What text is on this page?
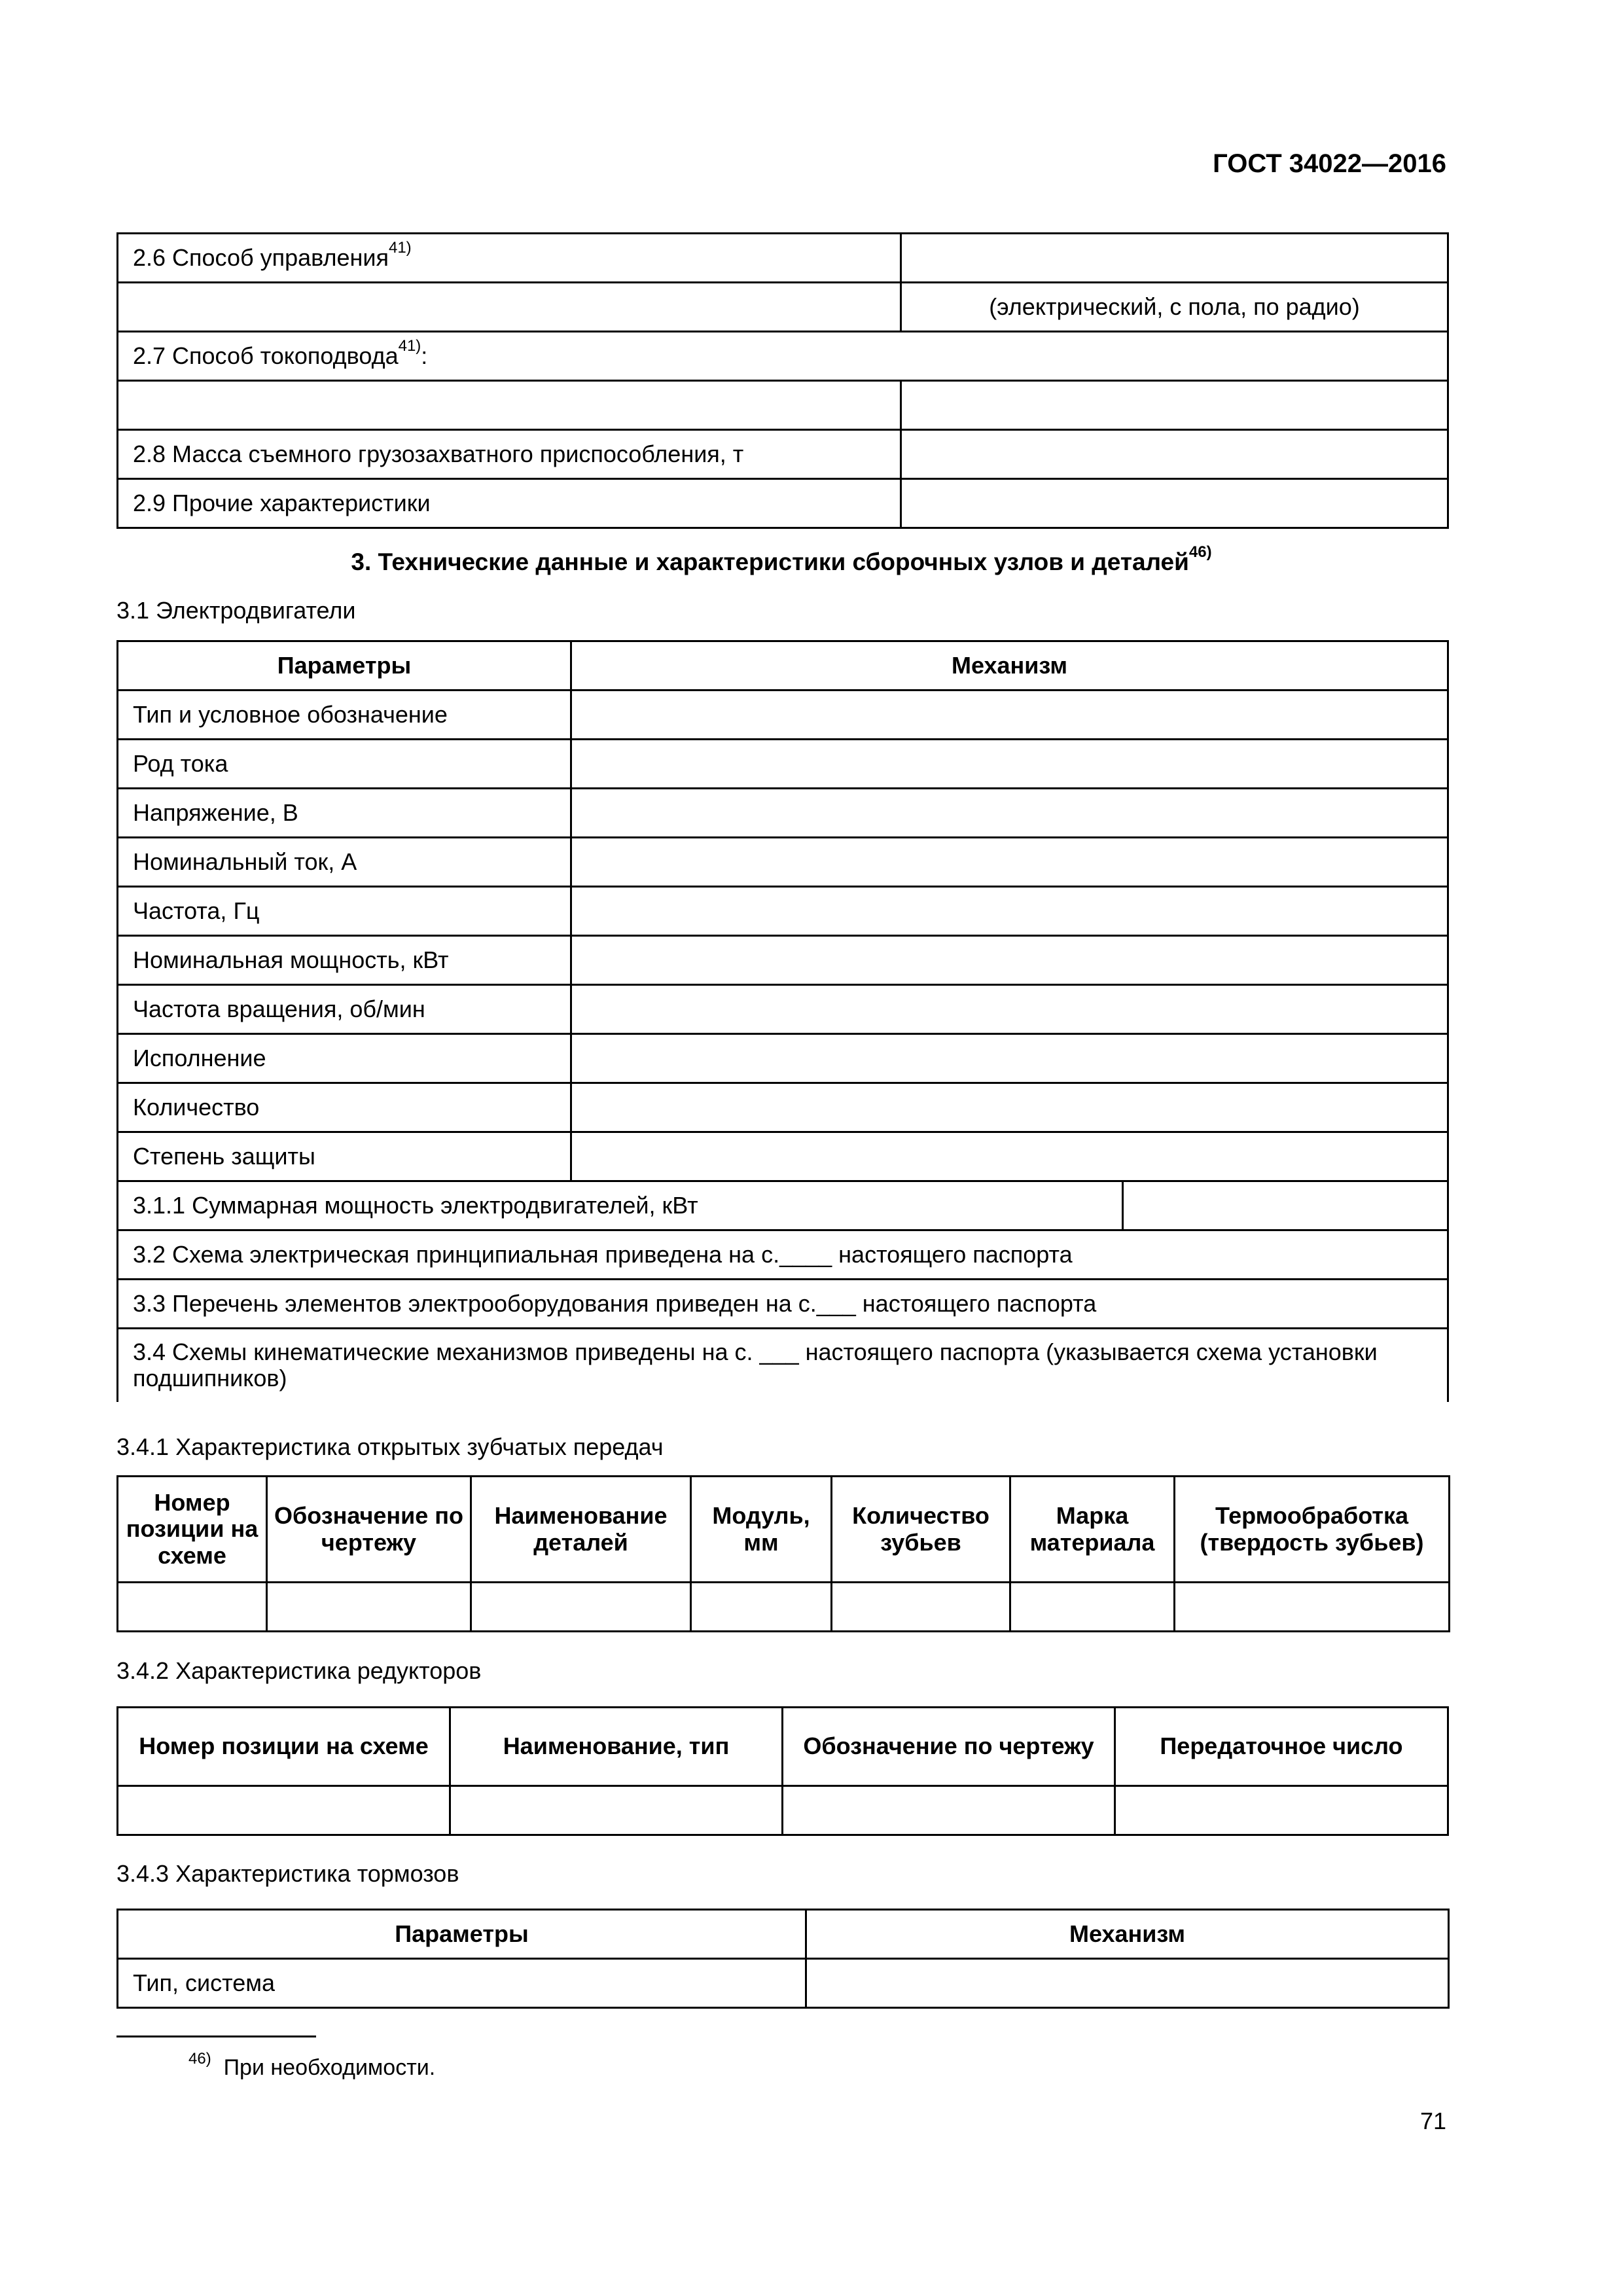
ГОСТ 34022—2016
2.6 Способ управления$^{41)}$	
	(электрический, с пола, по радио)
2.7 Способ токоподвода$^{41)}$:	

2.8 Масса съемного грузозахватного приспособления, т	
2.9 Прочие характеристики	
3. Технические данные и характеристики сборочных узлов и деталей$^{46)}$
3.1 Электродвигатели
Параметры	Механизм	
Тип и условное обозначение		
Род тока		
Напряжение, В		
Номинальный ток, А		
Частота, Гц		
Номинальная мощность, кВт		
Частота вращения, об/мин		
Исполнение		
Количество		
Степень защиты		
3.1.1 Суммарная мощность электродвигателей, кВт		
3.2 Схема электрическая принципиальная приведена на с.____ настоящего паспорта		
3.3 Перечень элементов электрооборудования приведен на с.___ настоящего паспорта		
3.4 Схемы кинематические механизмов приведены на с. ___ настоящего паспорта (указывается схема установки подшипников)		
3.4.1 Характеристика открытых зубчатых передач
Номер позиции на схеме	Обозначение по чертежу	Наименование деталей	Модуль, мм	Количество зубьев	Марка материала	Термообработка (твердость зубьев)

3.4.2 Характеристика редукторов
Номер позиции на схеме	Наименование, тип	Обозначение по чертежу	Передаточное число

3.4.3 Характеристика тормозов
Параметры	Механизм
Тип, система	
$^{46)}$ При необходимости.
71
